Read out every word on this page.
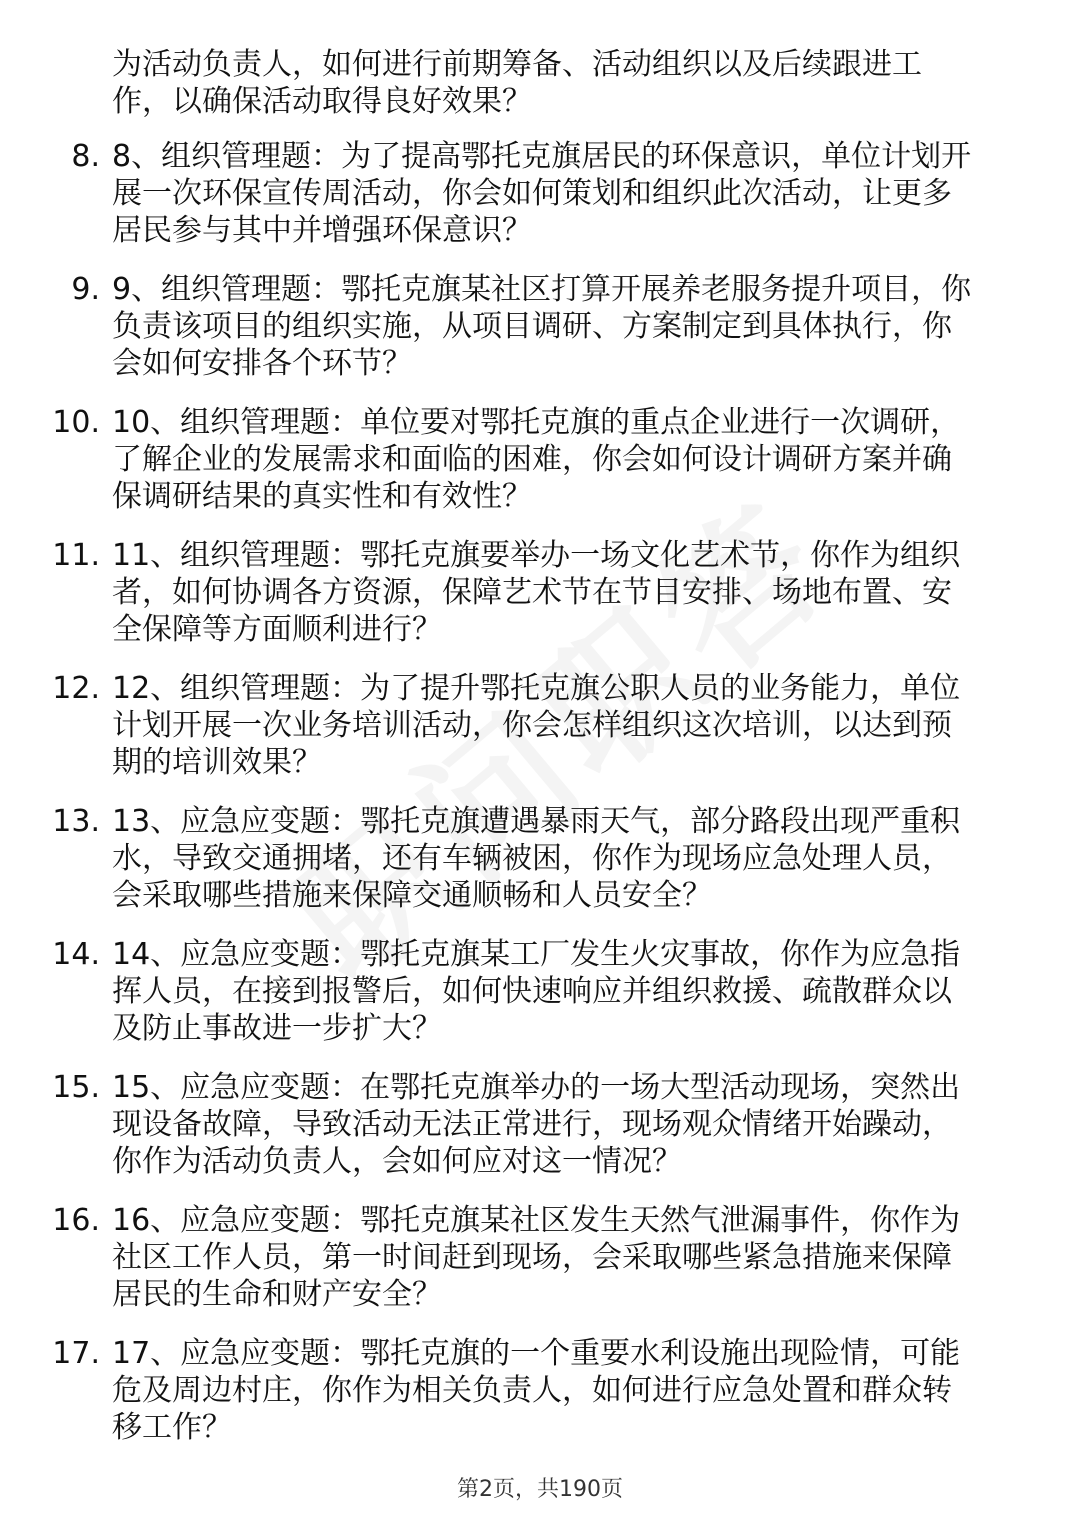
为活动负责人，如何进行前期筹备、活动组织以及后续跟进工
作，以确保活动取得良好效果？
8. 8、组织管理题：为了提高鄂托克旗居民的环保意识，单位计划开
展一次环保宣传周活动，你会如何策划和组织此次活动，让更多
居民参与其中并增强环保意识？
9. 9、组织管理题：鄂托克旗某社区打算开展养老服务提升项目，你
负责该项目的组织实施，从项目调研、方案制定到具体执行，你
会如何安排各个环节？
10. 10、组织管理题：单位要对鄂托克旗的重点企业进行一次调研，
了解企业的发展需求和面临的困难，你会如何设计调研方案并确
保调研结果的真实性和有效性？
11. 11、组织管理题：鄂托克旗要举办一场文化艺术节，你作为组织
者，如何协调各方资源，保障艺术节在节目安排、场地布置、安
全保障等方面顺利进行？
12. 12、组织管理题：为了提升鄂托克旗公职人员的业务能力，单位
计划开展一次业务培训活动，你会怎样组织这次培训，以达到预
期的培训效果？
13. 13、应急应变题：鄂托克旗遭遇暴雨天气，部分路段出现严重积
水，导致交通拥堵，还有车辆被困，你作为现场应急处理人员，
会采取哪些措施来保障交通顺畅和人员安全？
14. 14、应急应变题：鄂托克旗某工厂发生火灾事故，你作为应急指
挥人员，在接到报警后，如何快速响应并组织救援、疏散群众以
及防止事故进一步扩大？
15. 15、应急应变题：在鄂托克旗举办的一场大型活动现场，突然出
现设备故障，导致活动无法正常进行，现场观众情绪开始躁动，
你作为活动负责人，会如何应对这一情况？
16. 16、应急应变题：鄂托克旗某社区发生天然气泄漏事件，你作为
社区工作人员，第一时间赶到现场，会采取哪些紧急措施来保障
居民的生命和财产安全？
17. 17、应急应变题：鄂托克旗的一个重要水利设施出现险情，可能
危及周边村庄，你作为相关负责人，如何进行应急处置和群众转
移工作？
第2页，共190页
